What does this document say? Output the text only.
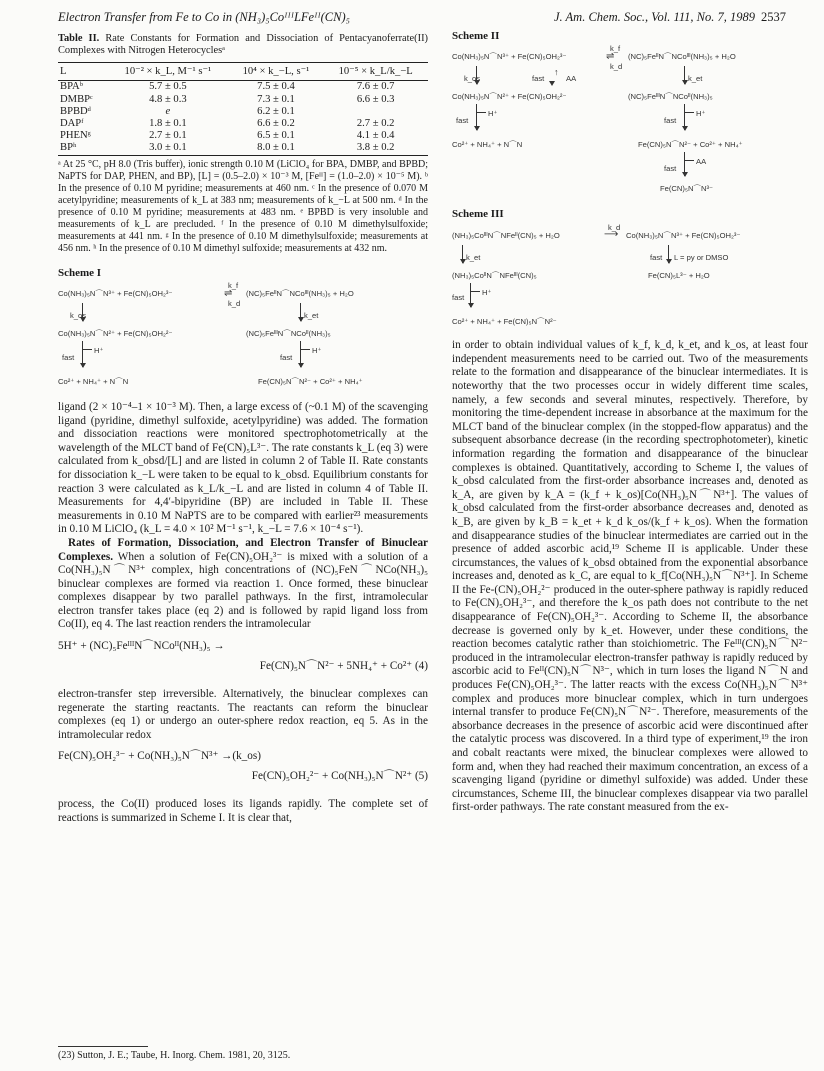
Electron Transfer from Fe to Co in (NH₃)₅CoᴵᴵᴵLFeᴵᴵ(CN)₅	J. Am. Chem. Soc., Vol. 111, No. 7, 1989 2537
Table II. Rate Constants for Formation and Dissociation of Pentacyanoferrate(II) Complexes with Nitrogen Heterocyclesᵃ
L	10⁻² × k_L, M⁻¹ s⁻¹	10⁴ × k_−L, s⁻¹	10⁻⁵ × k_L/k_−L
BPAᵇ	5.7 ± 0.5	7.5 ± 0.4	7.6 ± 0.7
DMBPᶜ	4.8 ± 0.3	7.3 ± 0.1	6.6 ± 0.3
BPBDᵈ	e	6.2 ± 0.1	
DAPᶠ	1.8 ± 0.1	6.6 ± 0.2	2.7 ± 0.2
PHENᵍ	2.7 ± 0.1	6.5 ± 0.1	4.1 ± 0.4
BPʰ	3.0 ± 0.1	8.0 ± 0.1	3.8 ± 0.2
ᵃ At 25 °C, pH 8.0 (Tris buffer), ionic strength 0.10 M (LiClO₄ for BPA, DMBP, and BPBD; NaPTS for DAP, PHEN, and BP), [L] = (0.5–2.0) × 10⁻³ M, [Feᴵᴵ] = (1.0–2.0) × 10⁻⁵ M). ᵇ In the presence of 0.10 M pyridine; measurements at 460 nm. ᶜ In the presence of 0.070 M acetylpyridine; measurements of k_L at 383 nm; measurements of k_−L at 500 nm. ᵈ In the presence of 0.10 M pyridine; measurements at 483 nm. ᵉ BPBD is very insoluble and measurements of k_L are precluded. ᶠ In the presence of 0.10 M dimethylsulfoxide; measurements at 441 nm. ᵍ In the presence of 0.10 M dimethylsulfoxide; measurements at 456 nm. ʰ In the presence of 0.10 M dimethyl sulfoxide; measurements at 432 nm.
Scheme I
Co(NH₃)₅N⌒N³⁺ + Fe(CN)₅OH₂³⁻
k_f
⇌
k_d
(NC)₅FeᴵᴵN⌒NCoᴵᴵᴵ(NH₃)₅ + H₂O
k_os	k_et
Co(NH₃)₅N⌒N²⁺ + Fe(CN)₅OH₂²⁻	(NC)₅FeᴵᴵᴵN⌒NCoᴵᴵ(NH₃)₅
fast
H⁺
fast
H⁺
Co²⁺ + NH₄⁺ + N⌒N	Fe(CN)₅N⌒N²⁻ + Co²⁺ + NH₄⁺

ligand (2 × 10⁻⁴–1 × 10⁻³ M). Then, a large excess of (~0.1 M) of the scavenging ligand (pyridine, dimethyl sulfoxide, acetylpyridine) was added. The formation and dissociation reactions were monitored spectrophotometrically at the wavelength of the MLCT band of Fe(CN)₅L³⁻. The rate constants k_L (eq 3) were calculated from k_obsd/[L] and are listed in column 2 of Table II. Rate constants for dissociation k_−L were taken to be equal to k_obsd. Equilibrium constants for reaction 3 were calculated as k_L/k_−L and are listed in column 4 of Table II. Measurements for 4,4′-bipyridine (BP) are included in Table II. These measurements in 0.10 M NaPTS are to be compared with earlier²³ measurements in 0.10 M LiClO₄ (k_L = 4.0 × 10² M⁻¹ s⁻¹, k_−L = 7.6 × 10⁻⁴ s⁻¹).

Rates of Formation, Dissociation, and Electron Transfer of Binuclear Complexes. When a solution of Fe(CN)₅OH₂³⁻ is mixed with a solution of a Co(NH₃)₅N⌒N³⁺ complex, high concentrations of (NC)₅FeN⌒NCo(NH₃)₅ binuclear complexes are formed via reaction 1. Once formed, these binuclear complexes disappear by two parallel pathways. In the first, intramolecular electron transfer takes place (eq 2) and is followed by rapid ligand loss from Co(II), eq 4. The last reaction renders the intramolecular

5H⁺ + (NC)₅FeᴵᴵᴵN⌒NCoᴵᴵ(NH₃)₅ →
Fe(CN)₅N⌒N²⁻ + 5NH₄⁺ + Co²⁺ (4)

electron-transfer step irreversible. Alternatively, the binuclear complexes can regenerate the starting reactants. The reactants can reform the binuclear complexes (eq 1) or undergo an outer-sphere redox reaction, eq 5. As in the intramolecular redox

Fe(CN)₅OH₂³⁻ + Co(NH₃)₅N⌒N³⁺ →(k_os)
Fe(CN)₅OH₂²⁻ + Co(NH₃)₅N⌒N²⁺ (5)

process, the Co(II) produced loses its ligands rapidly. The complete set of reactions is summarized in Scheme I. It is clear that,

(23) Sutton, J. E.; Taube, H. Inorg. Chem. 1981, 20, 3125.
Scheme II
Co(NH₃)₅N⌒N³⁺ + Fe(CN)₅OH₂³⁻
k_f
⇌
k_d
(NC)₅FeᴵᴵN⌒NCoᴵᴵᴵ(NH₃)₅ + H₂O
k_os	fast
↑
AA	k_et
Co(NH₃)₅N⌒N²⁺ + Fe(CN)₅OH₂²⁻	(NC)₅FeᴵᴵᴵN⌒NCoᴵᴵ(NH₃)₅
fast
H⁺
fast
H⁺
Co²⁺ + NH₄⁺ + N⌒N	Fe(CN)₅N⌒N²⁻ + Co²⁺ + NH₄⁺
fast
AA
Fe(CN)₅N⌒N³⁻
Scheme III
(NH₃)₅CoᴵᴵᴵN⌒NFeᴵᴵ(CN)₅ + H₂O
k_d
⟶ Co(NH₃)₅N⌒N³⁺ + Fe(CN)₅OH₂³⁻
k_et	fast L = py or DMSO
(NH₃)₅CoᴵᴵN⌒NFeᴵᴵᴵ(CN)₅	Fe(CN)₅L³⁻ + H₂O
fast
H⁺
Co²⁺ + NH₄⁺ + Fe(CN)₅N⌒N²⁻

in order to obtain individual values of k_f, k_d, k_et, and k_os, at least four independent measurements need to be carried out. Two of the measurements relate to the formation and disappearance of the binuclear intermediates. It is noteworthy that the two processes occur in widely different time scales, namely, a few seconds and several minutes, respectively. Therefore, by monitoring the time-dependent increase in absorbance at the maximum for the MLCT band of the binuclear complex (in the stopped-flow apparatus) and the subsequent absorbance decrease (in the recording spectrophotometer), kinetic information regarding the formation and disappearance of the binuclear complexes is obtained. Quantitatively, according to Scheme I, the values of k_obsd calculated from the first-order absorbance increases and, denoted as k_A, are given by k_A = (k_f + k_os)[Co(NH₃)₅N⌒N³⁺]. The values of k_obsd calculated from the first-order absorbance decreases and, denoted as k_B, are given by k_B = k_et + k_d k_os/(k_f + k_os). When the formation and disappearance studies of the binuclear intermediates are carried out in the presence of added ascorbic acid,¹⁹ Scheme II is applicable. Under these circumstances, the values of k_obsd obtained from the exponential absorbance increases and, denoted as k_C, are equal to k_f[Co(NH₃)₅N⌒N³⁺]. In Scheme II the Fe-(CN)₅OH₂²⁻ produced in the outer-sphere pathway is rapidly reduced to Fe(CN)₅OH₂³⁻, and therefore the k_os path does not contribute to the net disappearance of Fe(CN)₅OH₂³⁻. According to Scheme II, the absorbance decrease is governed only by k_et. However, under these conditions, the reaction becomes catalytic rather than stoichiometric. The Feᴵᴵᴵ(CN)₅N⌒N²⁻ produced in the intramolecular electron-transfer pathway is rapidly reduced by ascorbic acid to Feᴵᴵ(CN)₅N⌒N³⁻, which in turn loses the ligand N⌒N and produces Fe(CN)₅OH₂³⁻. The latter reacts with the excess Co(NH₃)₅N⌒N³⁺ complex and produces more binuclear complex, which in turn undergoes internal transfer to produce Fe(CN)₅N⌒N²⁻. Therefore, measurements of the absorbance decreases in the presence of ascorbic acid were discontinued after the catalytic process was discovered. In a third type of experiment,¹⁹ the iron and cobalt reactants were mixed, the binuclear complexes were allowed to form and, when they had reached their maximum concentration, an excess of a scavenging ligand (pyridine or dimethyl sulfoxide) was added. Under these circumstances, Scheme III, the binuclear complexes disappear via two parallel first-order pathways. The rate constant measured from the ex-
